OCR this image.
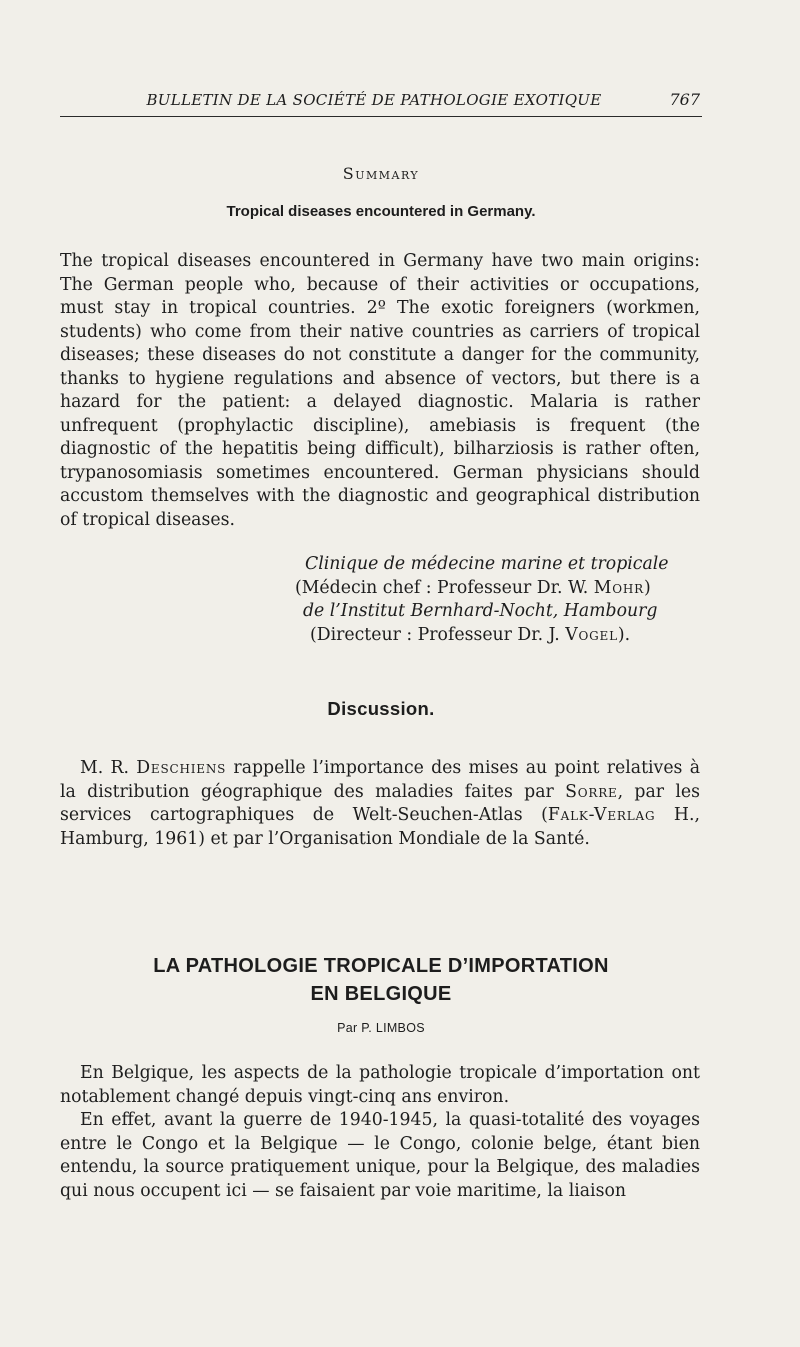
BULLETIN DE LA SOCIÉTÉ DE PATHOLOGIE EXOTIQUE	767
Summary
Tropical diseases encountered in Germany.

The tropical diseases encountered in Germany have two main origins: The German people who, because of their activities or occupations, must stay in tropical countries. 2º The exotic foreigners (workmen, students) who come from their native countries as carriers of tropical diseases; these diseases do not constitute a danger for the community, thanks to hygiene regulations and absence of vectors, but there is a hazard for the patient: a delayed diagnostic. Malaria is rather unfrequent (prophylactic discipline), amebiasis is frequent (the diagnostic of the hepatitis being difficult), bilharziosis is rather often, trypanosomiasis sometimes encountered. German physicians should accustom themselves with the diagnostic and geographical distribution of tropical diseases.

Clinique de médecine marine et tropicale
(Médecin chef : Professeur Dr. W. Mohr)
de l’Institut Bernhard-Nocht, Hambourg
(Directeur : Professeur Dr. J. Vogel).
Discussion.

M. R. Deschiens rappelle l’importance des mises au point relatives à la distribution géographique des maladies faites par Sorre, par les services cartographiques de Welt-Seuchen-Atlas (Falk-Verlag H., Hamburg, 1961) et par l’Organisation Mondiale de la Santé.

LA PATHOLOGIE TROPICALE D’IMPORTATION
EN BELGIQUE
Par P. LIMBOS

En Belgique, les aspects de la pathologie tropicale d’importation ont notablement changé depuis vingt-cinq ans environ.

En effet, avant la guerre de 1940-1945, la quasi-totalité des voyages entre le Congo et la Belgique — le Congo, colonie belge, étant bien entendu, la source pratiquement unique, pour la Belgique, des maladies qui nous occupent ici — se faisaient par voie maritime, la liaison
